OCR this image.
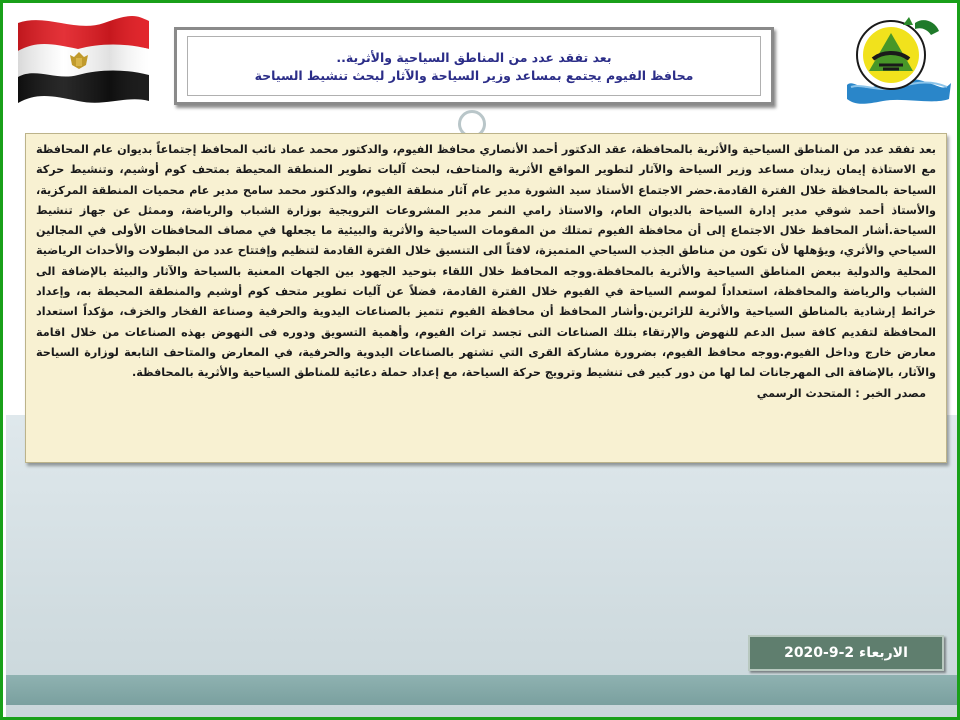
بعد تفقد عدد من المناطق السياحية والأثرية..
محافظ الفيوم يجتمع بمساعد وزير السياحة والآثار لبحث تنشيط السياحة

بعد تفقد عدد من المناطق السياحية والأثرية بالمحافظة، عقد الدكتور أحمد الأنصاري محافظ الفيوم، والدكتور محمد عماد نائب المحافظ إجتماعاً بديوان عام المحافظة مع الاستاذة إيمان زيدان مساعد وزير السياحة والآثار لتطوير المواقع الأثرية والمتاحف، لبحث آليات تطوير المنطقة المحيطة بمتحف كوم أوشيم، وتنشيط حركة السياحة بالمحافظة خلال الفترة القادمة.حضر الاجتماع الأستاذ سيد الشورة مدير عام آثار منطقة الفيوم، والدكتور محمد سامح مدير عام محميات المنطقة المركزية، والأستاذ أحمد شوقي مدير إدارة السياحة بالديوان العام، والاستاذ رامي النمر مدير المشروعات الترويجية بوزارة الشباب والرياضة، وممثل عن جهاز تنشيط السياحة.أشار المحافظ خلال الاجتماع إلى أن محافظة الفيوم تمتلك من المقومات السياحية والأثرية والبيئية ما يجعلها في مصاف المحافظات الأولى في المجالين السياحي والأثري، ويؤهلها لأن تكون من مناطق الجذب السياحي المتميزة، لافتاً الى التنسيق خلال الفترة القادمة لتنظيم وإفتتاح عدد من البطولات والأحداث الرياضية المحلية والدولية ببعض المناطق السياحية والأثرية بالمحافظة.ووجه المحافظ خلال اللقاء بتوحيد الجهود بين الجهات المعنية بالسياحة والآثار والبيئة بالإضافة الى الشباب والرياضة والمحافظة، استعداداً لموسم السياحة في الفيوم خلال الفترة القادمة، فضلاً عن آليات تطوير متحف كوم أوشيم والمنطقة المحيطة به، وإعداد خرائط إرشادية بالمناطق السياحية والأثرية للزائرين.وأشار المحافظ أن محافظة الفيوم تتميز بالصناعات اليدوية والحرفية وصناعة الفخار والخزف، مؤكداً استعداد المحافظة لتقديم كافة سبل الدعم للنهوض والإرتقاء بتلك الصناعات التى تجسد تراث الفيوم، وأهمية التسويق ودوره فى النهوض بهذه الصناعات من خلال اقامة معارض خارج وداخل الفيوم.ووجه محافظ الفيوم، بضرورة مشاركة القرى التي تشتهر بالصناعات اليدوية والحرفية، في المعارض والمتاحف التابعة لوزارة السياحة والآثار، بالإضافة الى المهرجانات لما لها من دور كبير فى تنشيط وترويج حركة السياحة، مع إعداد حملة دعائية للمناطق السياحية والأثرية بالمحافظة.

مصدر الخبر : المتحدث الرسمي

الاربعاء 2-9-2020
